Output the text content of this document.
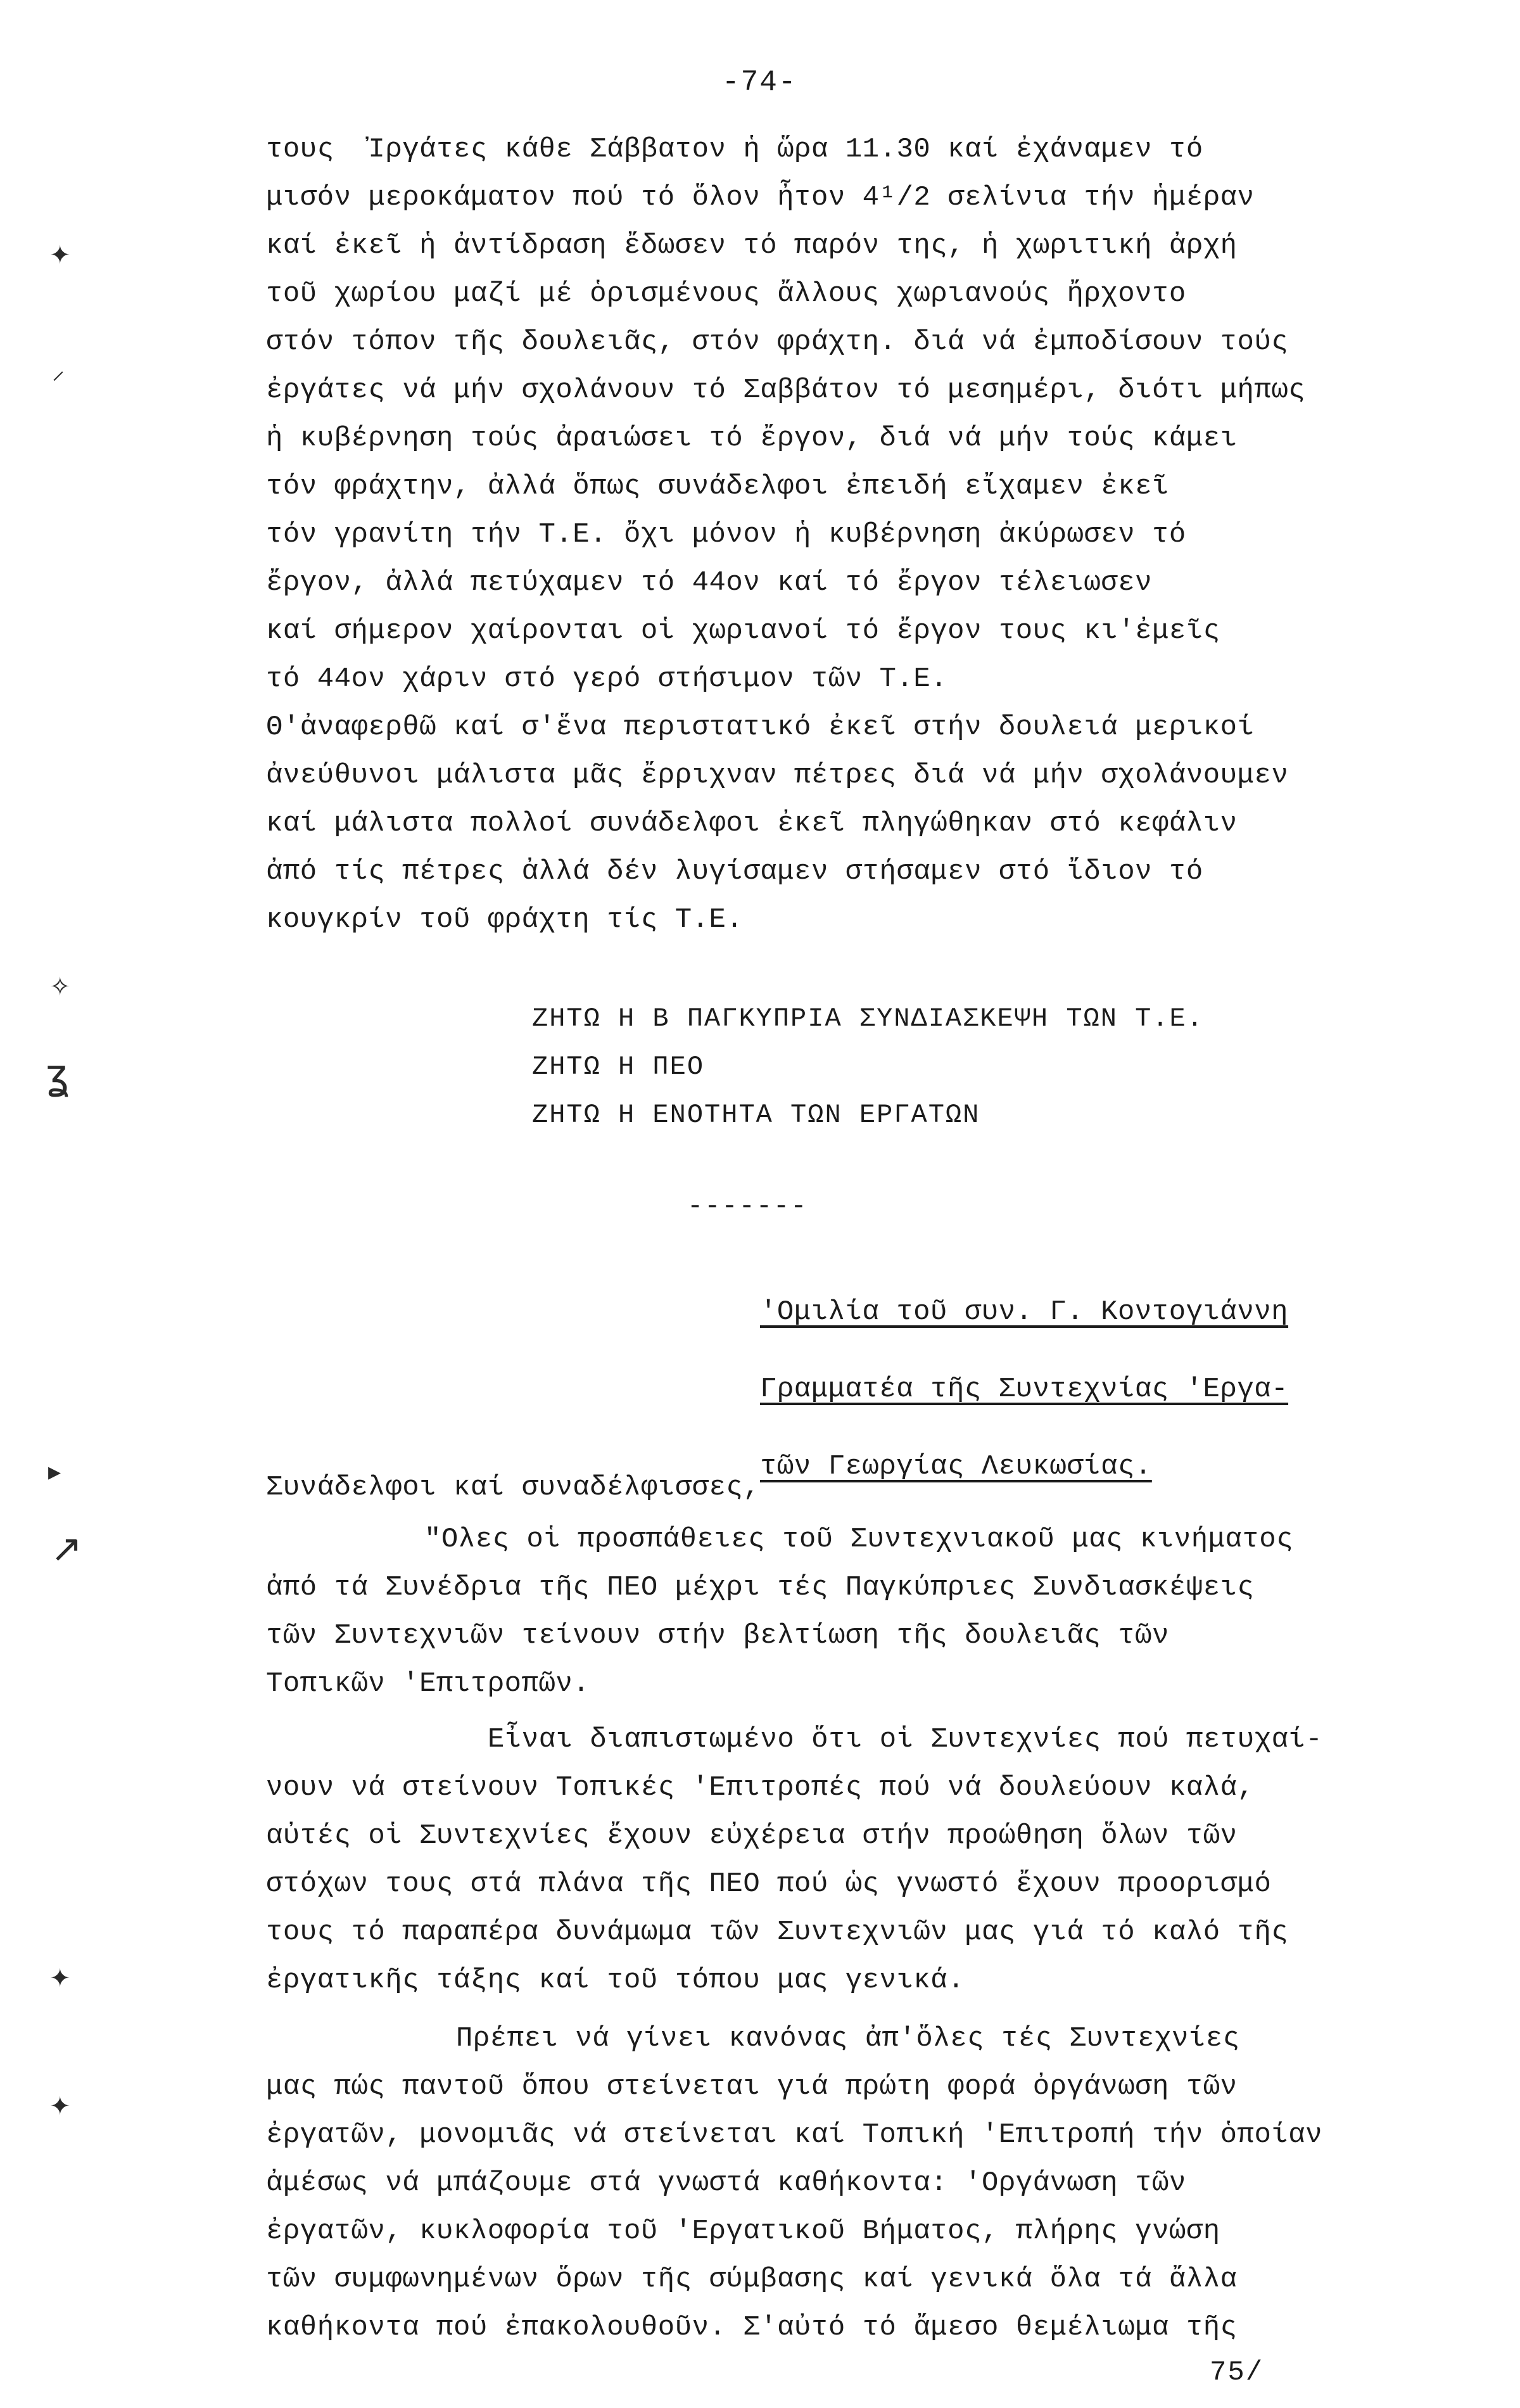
-74-
τους  Ἰργάτες κάθε Σάββατον ἡ ὥρα 11.30 καί ἐχάναμεν τό
μισόν μεροκάματον πού τό ὅλον ἦτον 4¹/2 σελίνια τήν ἡμέραν
καί ἐκεῖ ἡ ἀντίδραση ἔδωσεν τό παρόν της, ἡ χωριτική ἀρχή
τοῦ χωρίου μαζί μέ ὁρισμένους ἄλλους χωριανούς ἤρχοντο
στόν τόπον τῆς δουλειᾶς, στόν φράχτη. διά νά ἐμποδίσουν τούς
ἐργάτες νά μήν σχολάνουν τό Σαββάτον τό μεσημέρι, διότι μήπως
ἡ κυβέρνηση τούς ἀραιώσει τό ἔργον, διά νά μήν τούς κάμει
τόν φράχτην, ἀλλά ὅπως συνάδελφοι ἐπειδή εἴχαμεν ἐκεῖ
τόν γρανίτη τήν Τ.Ε. ὄχι μόνον ἡ κυβέρνηση ἀκύρωσεν τό
ἔργον, ἀλλά πετύχαμεν τό 44ον καί τό ἔργον τέλειωσεν
καί σήμερον χαίρονται οἱ χωριανοί τό ἔργον τους κι'ἐμεῖς
τό 44ον χάριν στό γερό στήσιμον τῶν Τ.Ε.
Θ'ἀναφερθῶ καί σ'ἕνα περιστατικό ἐκεῖ στήν δουλειά μερικοί
ἀνεύθυνοι μάλιστα μᾶς ἔρριχναν πέτρες διά νά μήν σχολάνουμεν
καί μάλιστα πολλοί συνάδελφοι ἐκεῖ πληγώθηκαν στό κεφάλιν
ἀπό τίς πέτρες ἀλλά δέν λυγίσαμεν στήσαμεν στό ἴδιον τό
κουγκρίν τοῦ φράχτη τίς Τ.Ε.
ΖΗΤΩ Η Β ΠΑΓΚΥΠΡΙΑ ΣΥΝΔΙΑΣΚΕΨΗ ΤΩΝ Τ.Ε.
ΖΗΤΩ Η ΠΕΟ
ΖΗΤΩ Η ΕΝΟΤΗΤΑ ΤΩΝ ΕΡΓΑΤΩΝ
-------
'Ομιλία τοῦ συν. Γ. Κοντογιάννη
Γραμματέα τῆς Συντεχνίας 'Εργα-
τῶν Γεωργίας Λευκωσίας.
Συνάδελφοι καί συναδέλφισσες,
"Ολες οἱ προσπάθειες τοῦ Συντεχνιακοῦ μας κινήματος
ἀπό τά Συνέδρια τῆς ΠΕΟ μέχρι τές Παγκύπριες Συνδιασκέψεις
τῶν Συντεχνιῶν τείνουν στήν βελτίωση τῆς δουλειᾶς τῶν
Τοπικῶν 'Επιτροπῶν.
Εἶναι διαπιστωμένο ὅτι οἱ Συντεχνίες πού πετυχαί-
νουν νά στείνουν Τοπικές 'Επιτροπές πού νά δουλεύουν καλά,
αὐτές οἱ Συντεχνίες ἔχουν εὐχέρεια στήν προώθηση ὅλων τῶν
στόχων τους στά πλάνα τῆς ΠΕΟ πού ὡς γνωστό ἔχουν προορισμό
τους τό παραπέρα δυνάμωμα τῶν Συντεχνιῶν μας γιά τό καλό τῆς
ἐργατικῆς τάξης καί τοῦ τόπου μας γενικά.
Πρέπει νά γίνει κανόνας ἀπ'ὅλες τές Συντεχνίες
μας πώς παντοῦ ὅπου στείνεται γιά πρώτη φορά ὀργάνωση τῶν
ἐργατῶν, μονομιᾶς νά στείνεται καί Τοπική 'Επιτροπή τήν ὁποίαν
ἀμέσως νά μπάζουμε στά γνωστά καθήκοντα: 'Οργάνωση τῶν
ἐργατῶν, κυκλοφορία τοῦ 'Εργατικοῦ Βήματος, πλήρης γνώση
τῶν συμφωνημένων ὅρων τῆς σύμβασης καί γενικά ὅλα τά ἄλλα
καθήκοντα πού ἐπακολουθοῦν. Σ'αὐτό τό ἄμεσο θεμέλιωμα τῆς
75/
✦
⸝
✧
ʓ
▸
↗
✦
✦
